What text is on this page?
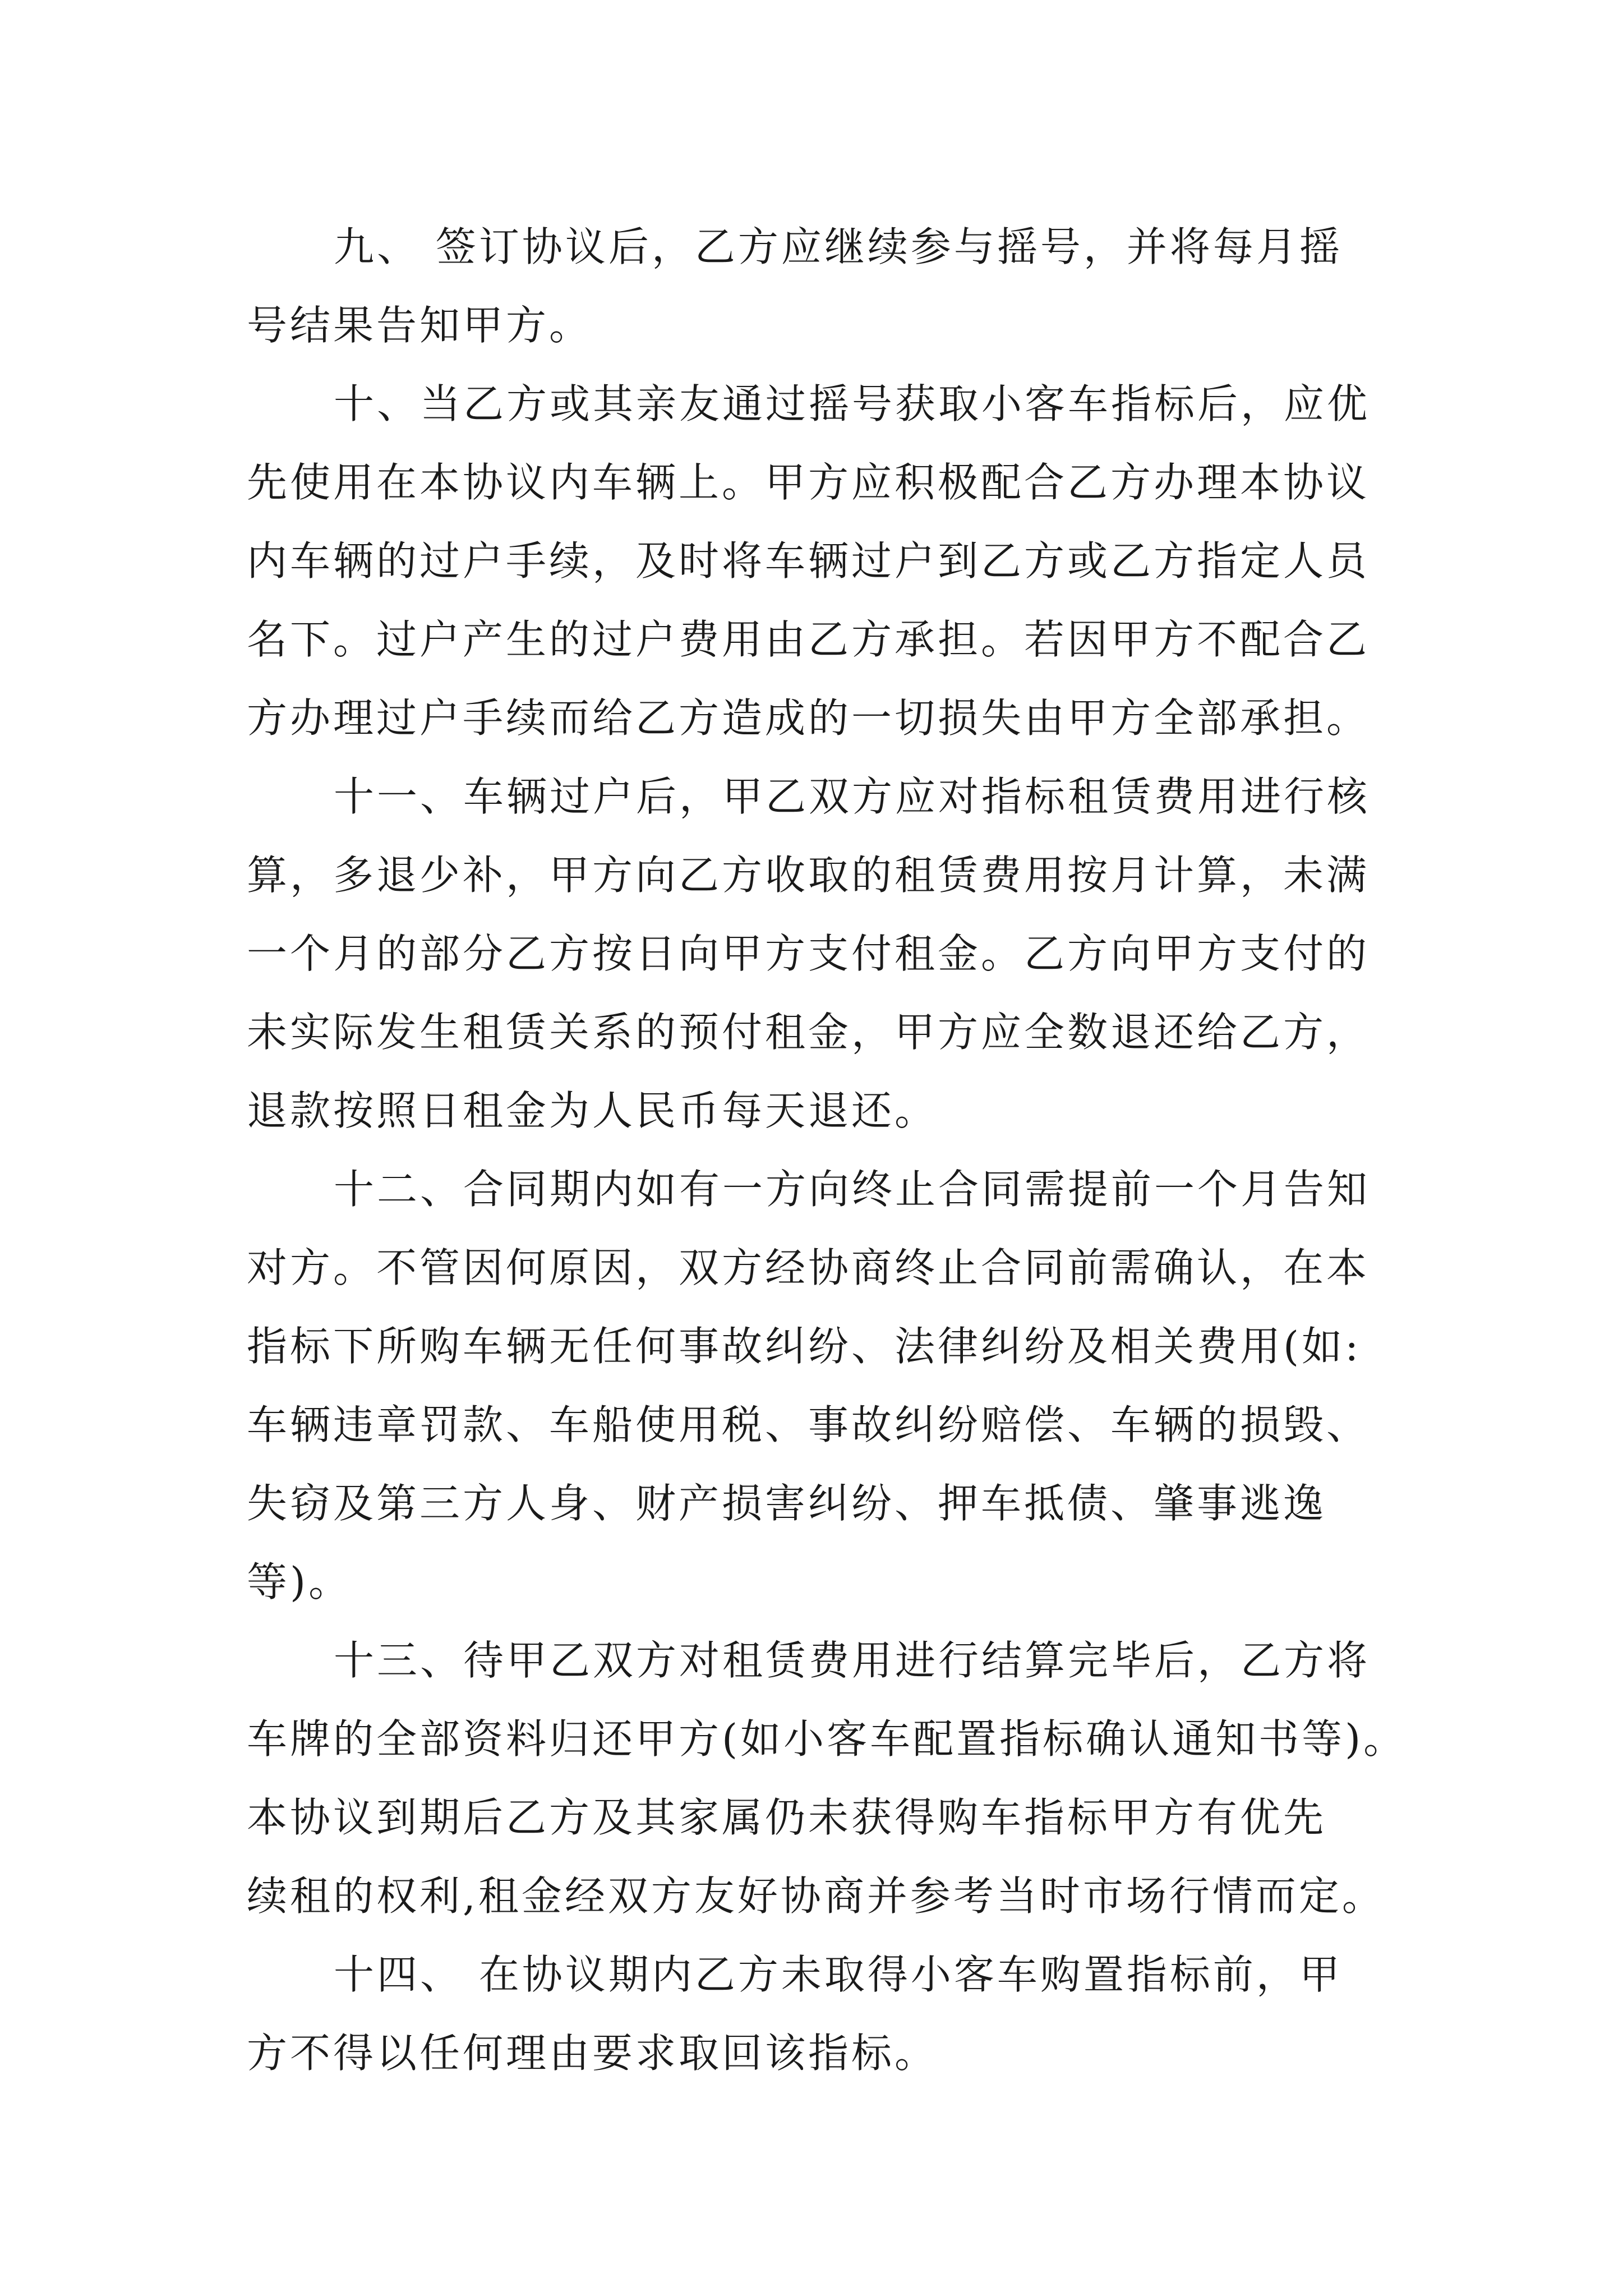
九、 签订协议后，乙方应继续参与摇号，并将每月摇
号结果告知甲方。
十、当乙方或其亲友通过摇号获取小客车指标后，应优
先使用在本协议内车辆上。甲方应积极配合乙方办理本协议
内车辆的过户手续，及时将车辆过户到乙方或乙方指定人员
名下。过户产生的过户费用由乙方承担。若因甲方不配合乙
方办理过户手续而给乙方造成的一切损失由甲方全部承担。
十一、车辆过户后，甲乙双方应对指标租赁费用进行核
算，多退少补，甲方向乙方收取的租赁费用按月计算，未满
一个月的部分乙方按日向甲方支付租金。乙方向甲方支付的
未实际发生租赁关系的预付租金，甲方应全数退还给乙方，
退款按照日租金为人民币每天退还。
十二、合同期内如有一方向终止合同需提前一个月告知
对方。不管因何原因，双方经协商终止合同前需确认，在本
指标下所购车辆无任何事故纠纷、法律纠纷及相关费用(如:
车辆违章罚款、车船使用税、事故纠纷赔偿、车辆的损毁、
失窃及第三方人身、财产损害纠纷、押车抵债、肇事逃逸
等)。
十三、待甲乙双方对租赁费用进行结算完毕后，乙方将
车牌的全部资料归还甲方(如小客车配置指标确认通知书等)。
本协议到期后乙方及其家属仍未获得购车指标甲方有优先
续租的权利,租金经双方友好协商并参考当时市场行情而定。
十四、 在协议期内乙方未取得小客车购置指标前，甲
方不得以任何理由要求取回该指标。
